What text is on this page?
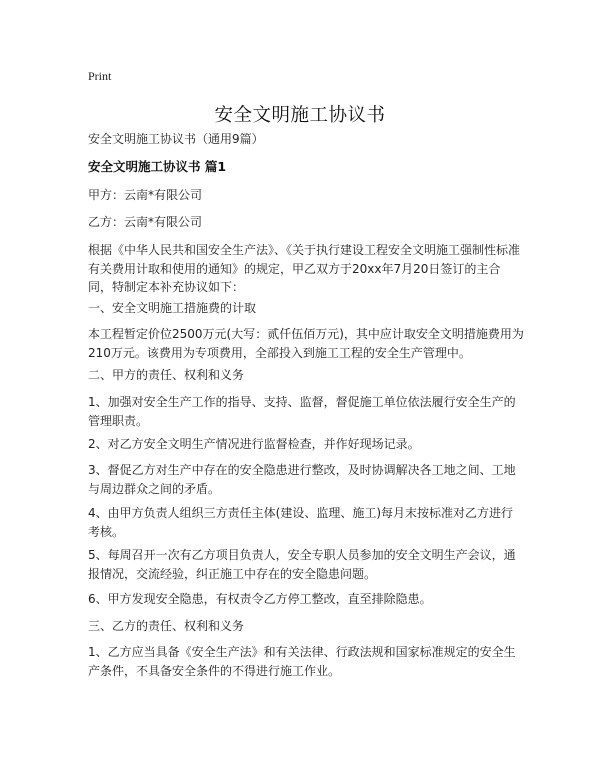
Print
安全文明施工协议书
安全文明施工协议书（通用9篇）
安全文明施工协议书 篇1
甲方：云南*有限公司
乙方：云南*有限公司
根据《中华人民共和国安全生产法》、《关于执行建设工程安全文明施工强制性标准有关费用计取和使用的通知》的规定，甲乙双方于20xx年7月20日签订的主合同，特制定本补充协议如下：
一、安全文明施工措施费的计取
本工程暂定价位2500万元(大写：贰仟伍佰万元)，其中应计取安全文明措施费用为210万元。该费用为专项费用，全部投入到施工工程的安全生产管理中。
二、甲方的责任、权利和义务
1、加强对安全生产工作的指导、支持、监督，督促施工单位依法履行安全生产的管理职责。
2、对乙方安全文明生产情况进行监督检查，并作好现场记录。
3、督促乙方对生产中存在的安全隐患进行整改，及时协调解决各工地之间、工地与周边群众之间的矛盾。
4、由甲方负责人组织三方责任主体(建设、监理、施工)每月末按标准对乙方进行考核。
5、每周召开一次有乙方项目负责人，安全专职人员参加的安全文明生产会议，通报情况，交流经验，纠正施工中存在的安全隐患问题。
6、甲方发现安全隐患，有权责令乙方停工整改，直至排除隐患。
三、乙方的责任、权利和义务
1、乙方应当具备《安全生产法》和有关法律、行政法规和国家标准规定的安全生产条件，不具备安全条件的不得进行施工作业。
